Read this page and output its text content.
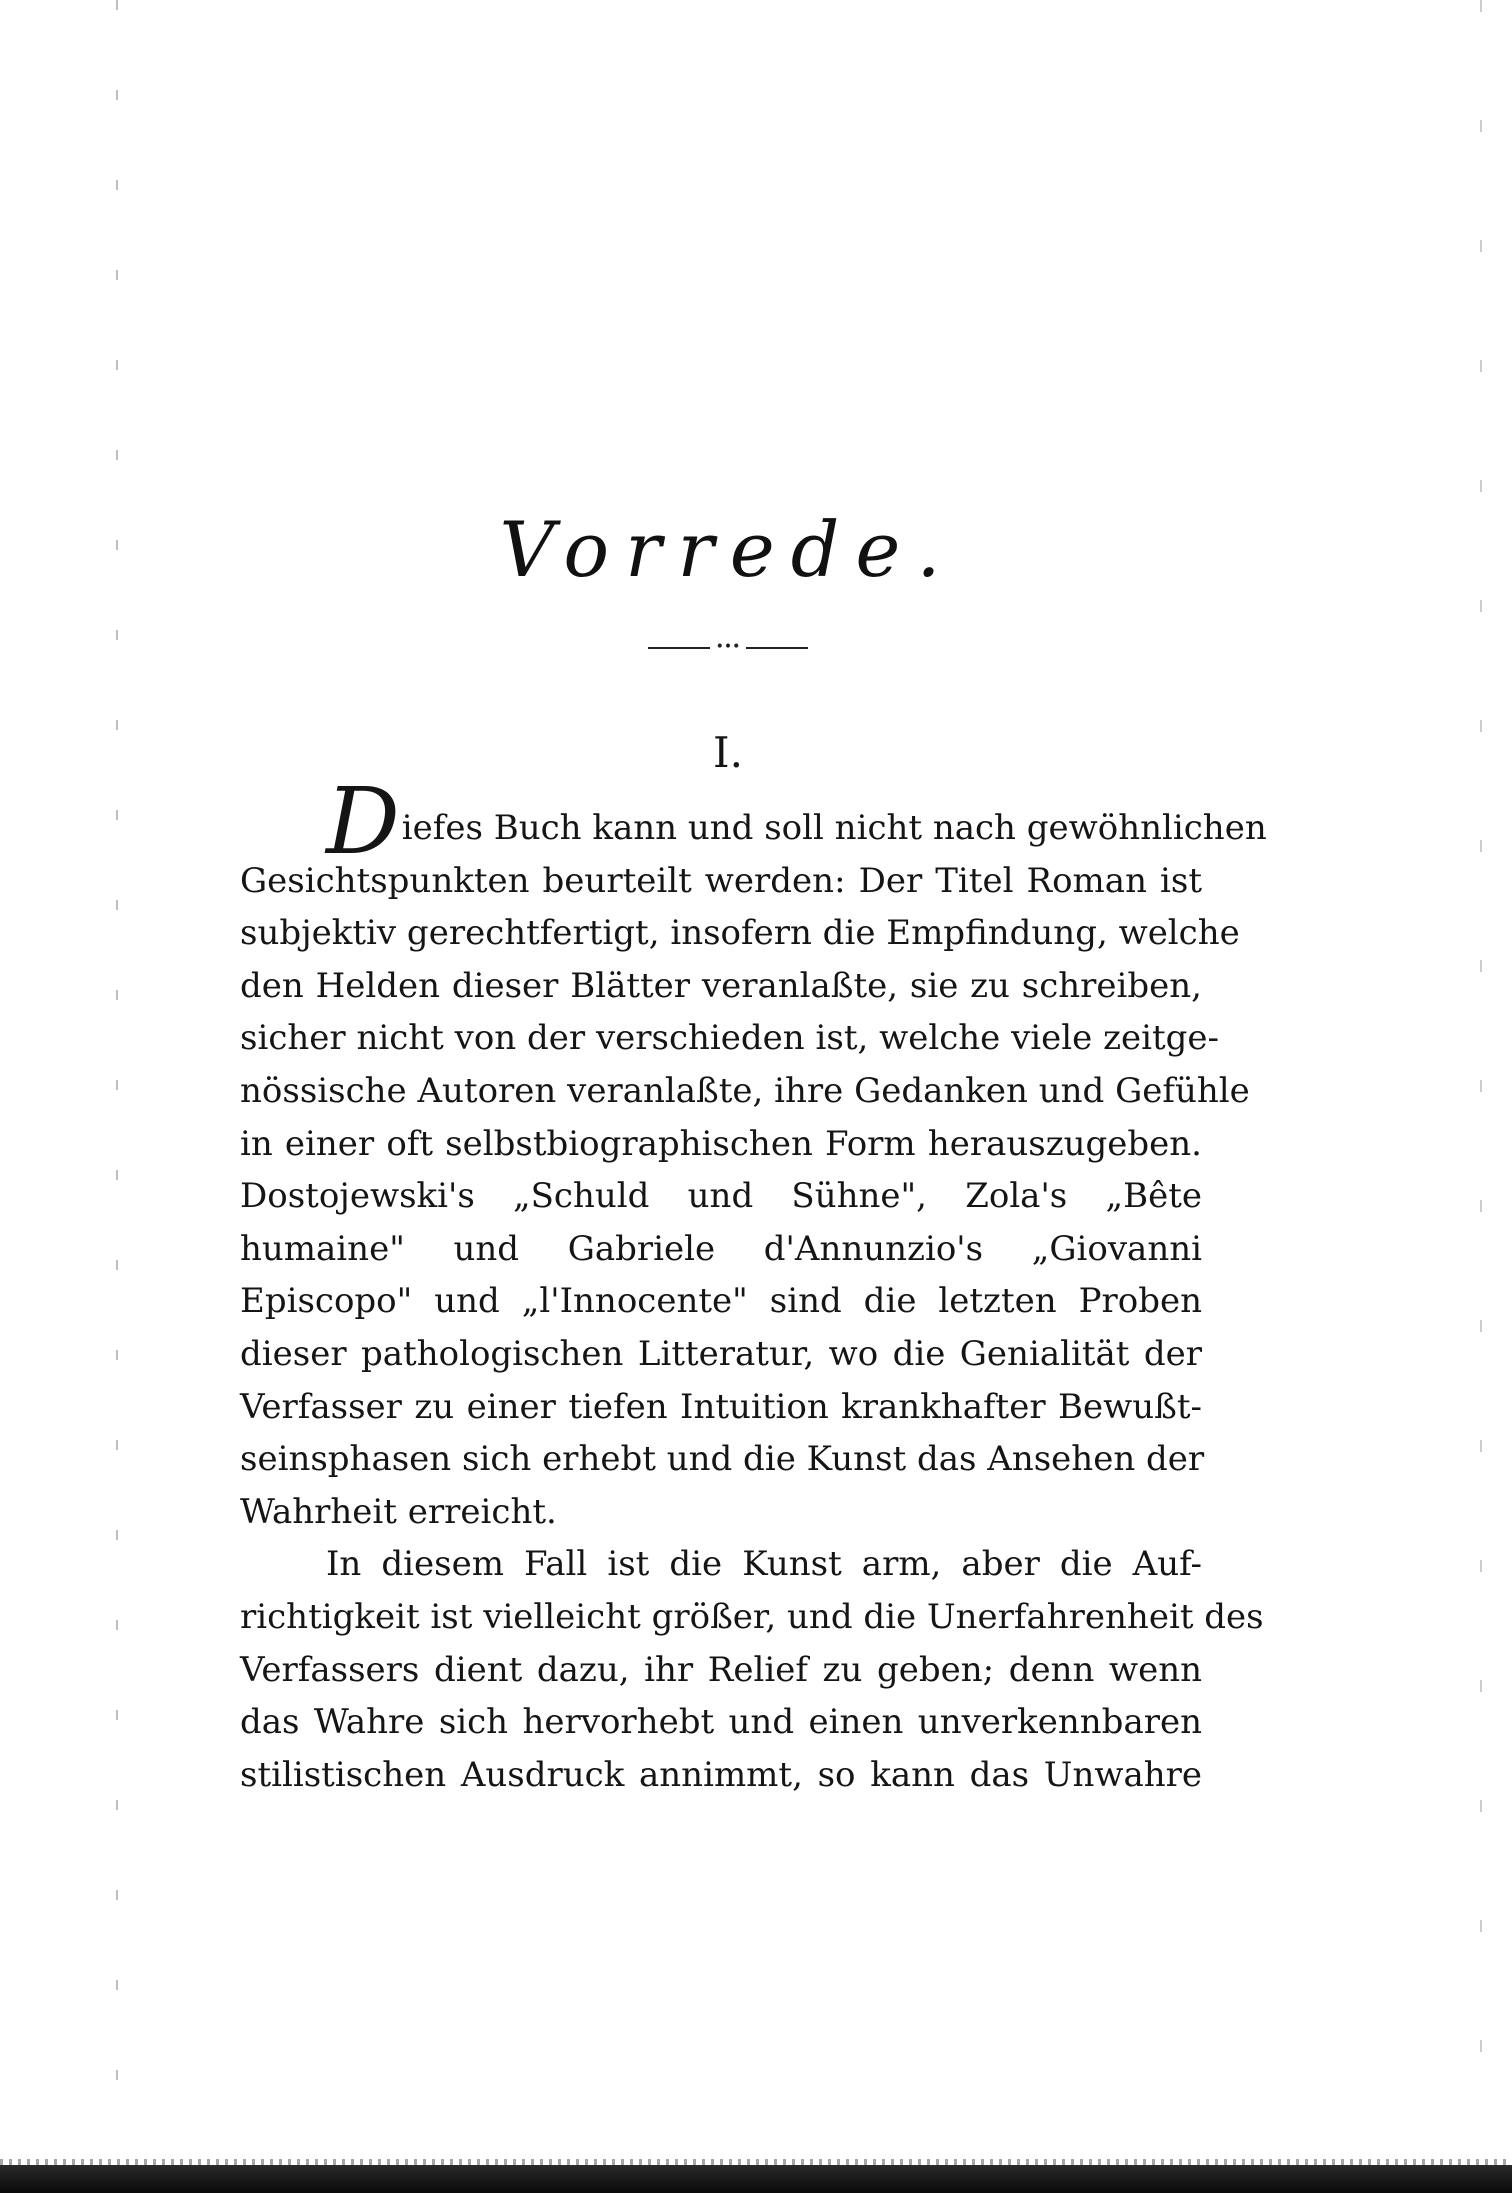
Vorrede.
•••
I.
Diefes Buch kann und soll nicht nach gewöhnlichen
Gesichtspunkten beurteilt werden: Der Titel Roman ist
subjektiv gerechtfertigt, insofern die Empfindung, welche
den Helden dieser Blätter veranlaßte, sie zu schreiben,
sicher nicht von der verschieden ist, welche viele zeitge-
nössische Autoren veranlaßte, ihre Gedanken und Gefühle
in einer oft selbstbiographischen Form herauszugeben.
Dostojewski's „Schuld und Sühne", Zola's „Bête
humaine" und Gabriele d'Annunzio's „Giovanni
Episcopo" und „l'Innocente" sind die letzten Proben
dieser pathologischen Litteratur, wo die Genialität der
Verfasser zu einer tiefen Intuition krankhafter Bewußt-
seinsphasen sich erhebt und die Kunst das Ansehen der
Wahrheit erreicht.
In diesem Fall ist die Kunst arm, aber die Auf-
richtigkeit ist vielleicht größer, und die Unerfahrenheit des
Verfassers dient dazu, ihr Relief zu geben; denn wenn
das Wahre sich hervorhebt und einen unverkennbaren
stilistischen Ausdruck annimmt, so kann das Unwahre
